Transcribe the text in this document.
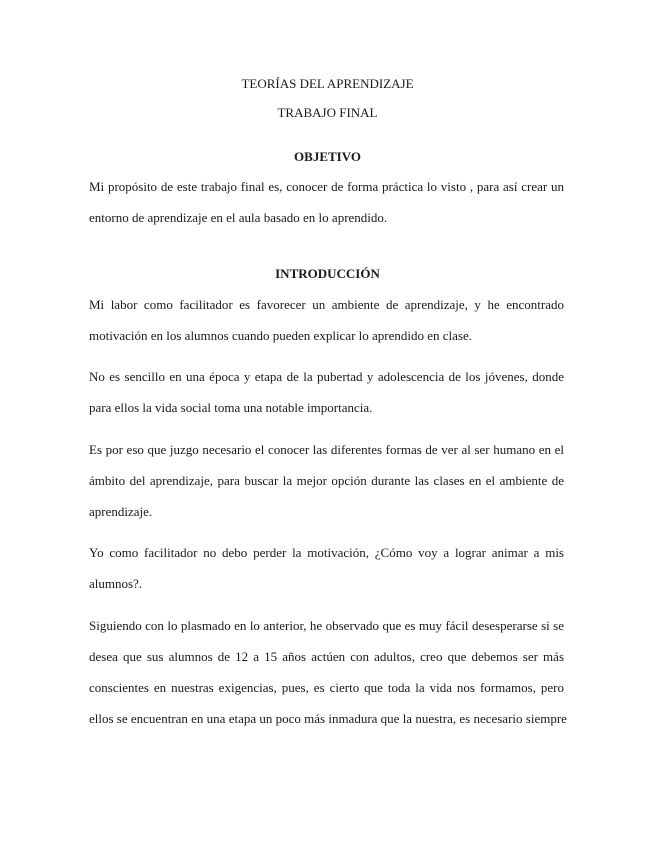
TEORÍAS DEL APRENDIZAJE
TRABAJO FINAL
OBJETIVO
Mi propósito de este trabajo final es, conocer de forma práctica lo visto , para así crear un
entorno de aprendizaje en el aula basado en lo aprendido.
INTRODUCCIÓN
Mi labor como facilitador es favorecer un ambiente de aprendizaje, y he encontrado
motivación en los alumnos cuando pueden explicar lo aprendido en clase.
No es sencillo en una época y etapa de la pubertad y adolescencia de los jóvenes, donde
para ellos la vida social toma una notable importancia.
Es por eso que juzgo necesario el conocer las diferentes formas de ver al ser humano en el
ámbito del aprendizaje, para buscar la mejor opción durante las clases en el ambiente de
aprendizaje.
Yo como facilitador no debo perder la motivación, ¿Cómo voy a lograr animar a mis
alumnos?.
Siguiendo con lo plasmado en lo anterior, he observado que es muy fácil desesperarse si se
desea que sus alumnos de 12 a 15 años actúen con adultos, creo que debemos ser más
conscientes en nuestras exigencias, pues, es cierto que toda la vida nos formamos, pero
ellos se encuentran en una etapa un poco más inmadura que la nuestra, es necesario siempre
